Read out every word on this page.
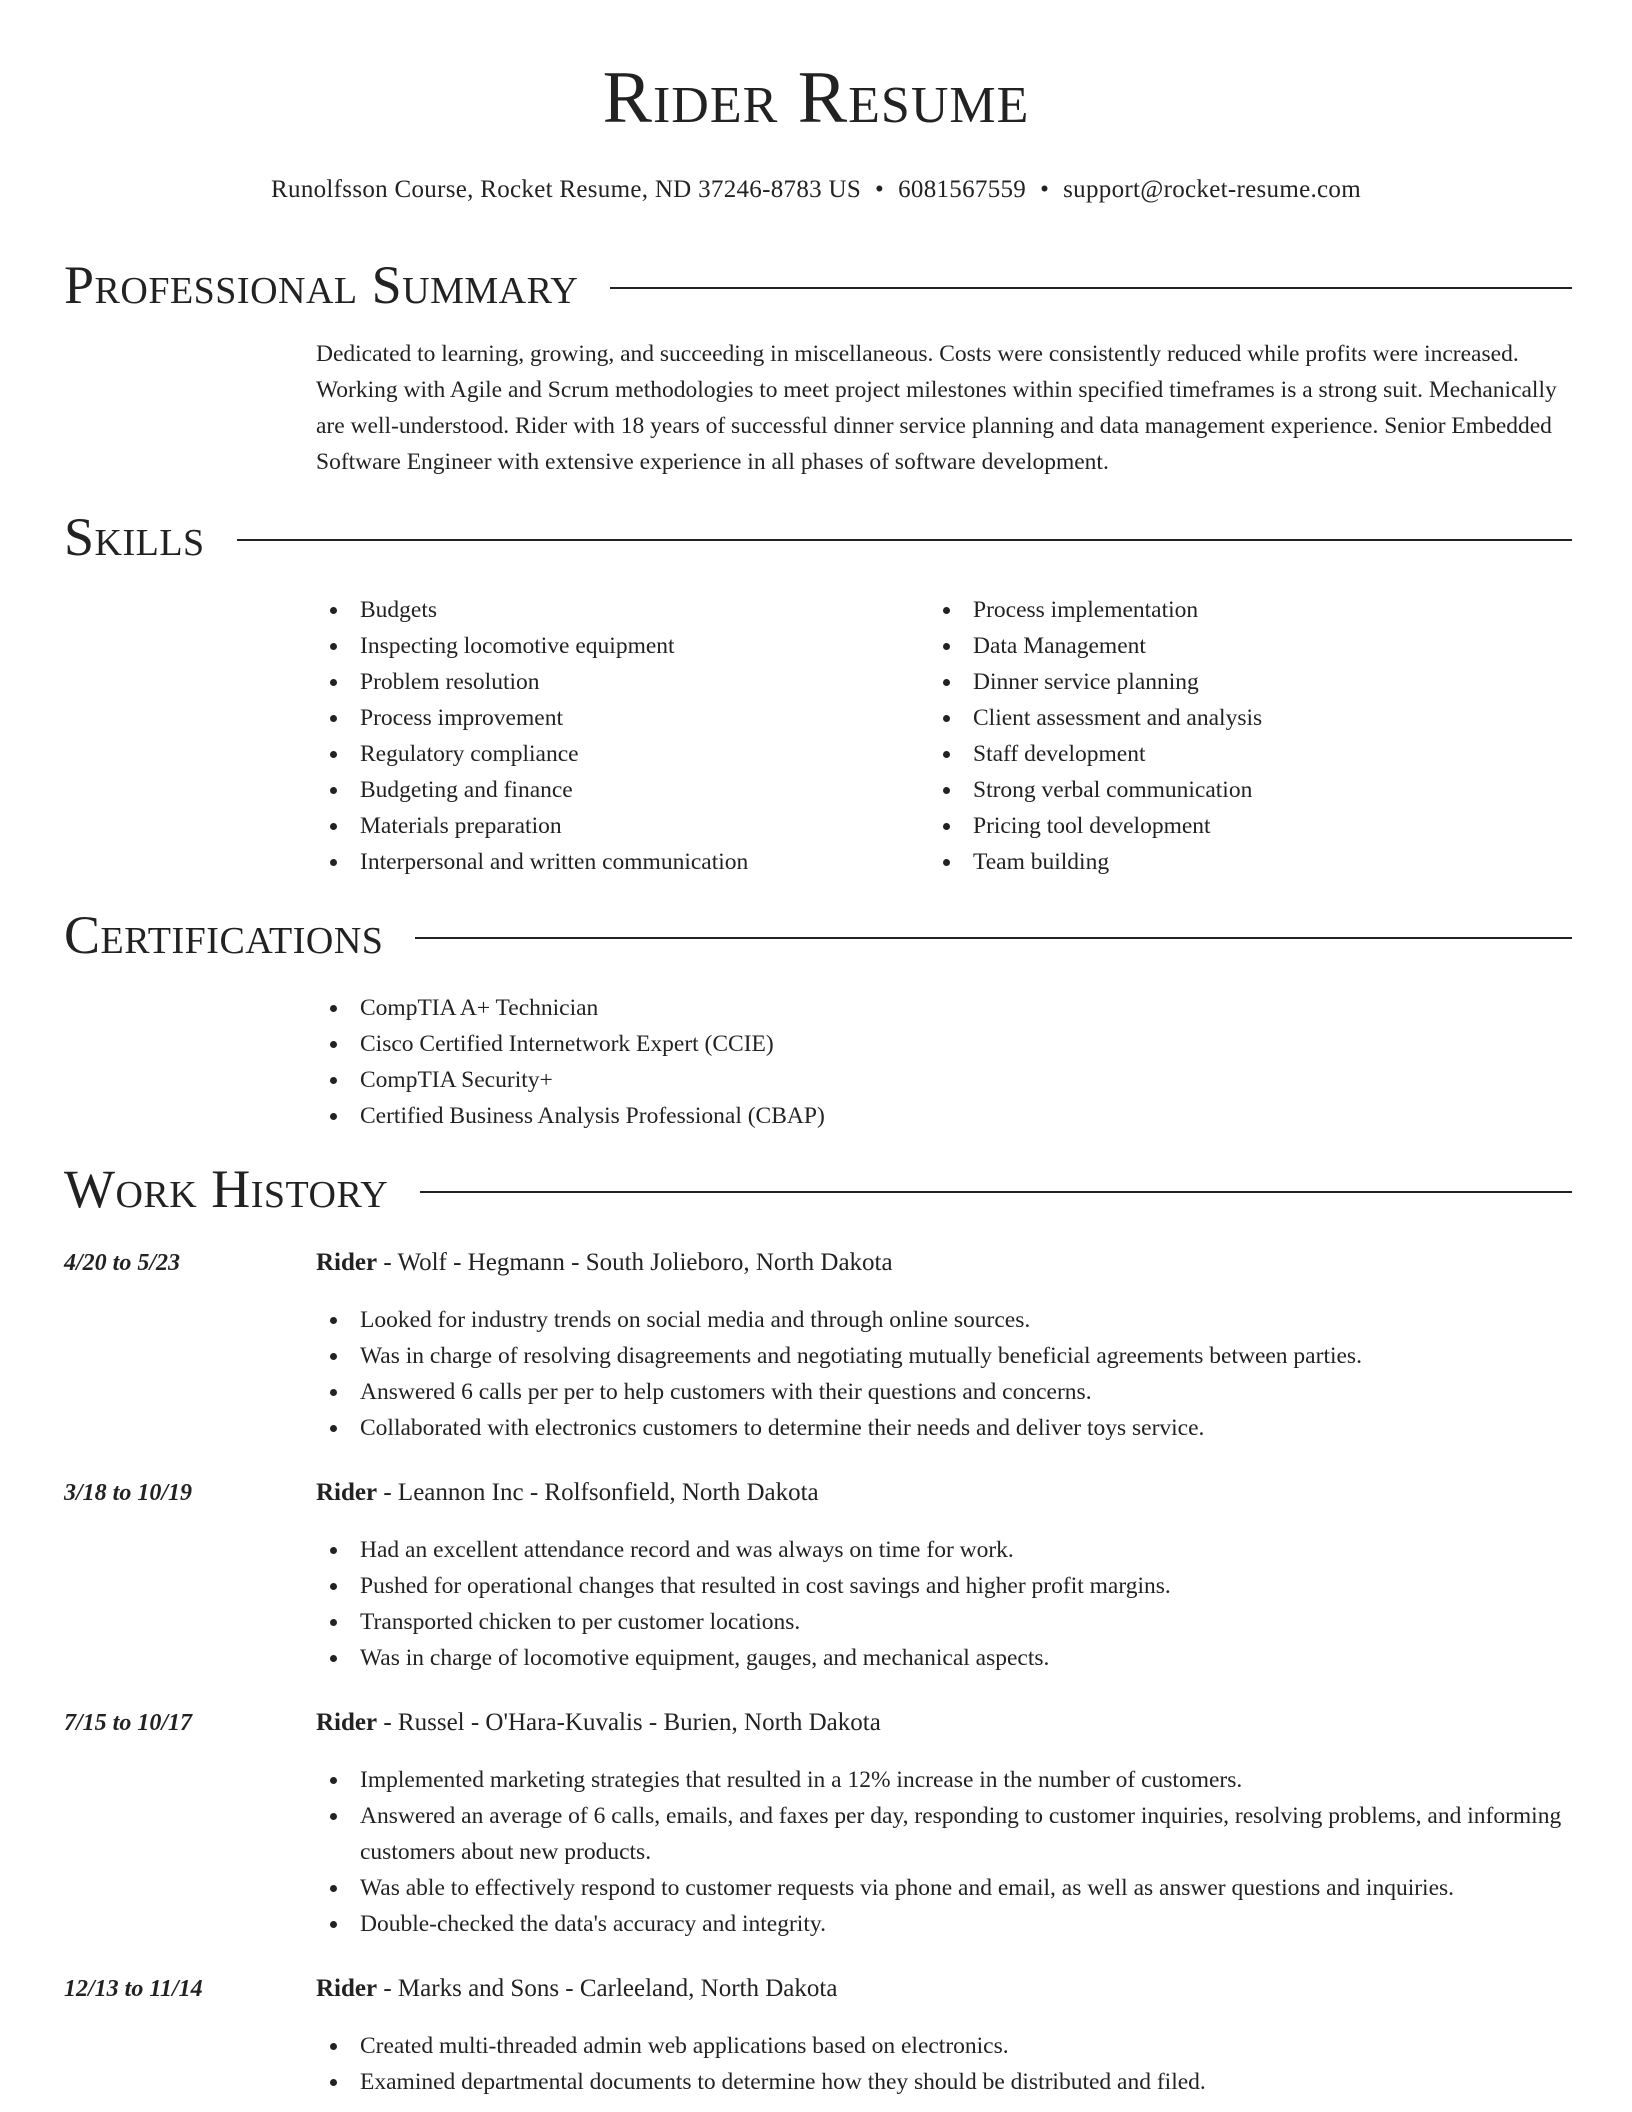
Rider Resume
Runolfsson Course, Rocket Resume, ND 37246-8783 US • 6081567559 • support@rocket-resume.com
Professional Summary

Dedicated to learning, growing, and succeeding in miscellaneous. Costs were consistently reduced while profits were increased. Working with Agile and Scrum methodologies to meet project milestones within specified timeframes is a strong suit. Mechanically are well-understood. Rider with 18 years of successful dinner service planning and data management experience. Senior Embedded Software Engineer with extensive experience in all phases of software development.

Skills
Budgets
Inspecting locomotive equipment
Problem resolution
Process improvement
Regulatory compliance
Budgeting and finance
Materials preparation
Interpersonal and written communication
Process implementation
Data Management
Dinner service planning
Client assessment and analysis
Staff development
Strong verbal communication
Pricing tool development
Team building
Certifications
CompTIA A+ Technician
Cisco Certified Internetwork Expert (CCIE)
CompTIA Security+
Certified Business Analysis Professional (CBAP)
Work History
4/20 to 5/23	Rider - Wolf - Hegmann - South Jolieboro, North Dakota
Looked for industry trends on social media and through online sources.
Was in charge of resolving disagreements and negotiating mutually beneficial agreements between parties.
Answered 6 calls per per to help customers with their questions and concerns.
Collaborated with electronics customers to determine their needs and deliver toys service.
3/18 to 10/19	Rider - Leannon Inc - Rolfsonfield, North Dakota
Had an excellent attendance record and was always on time for work.
Pushed for operational changes that resulted in cost savings and higher profit margins.
Transported chicken to per customer locations.
Was in charge of locomotive equipment, gauges, and mechanical aspects.
7/15 to 10/17	Rider - Russel - O'Hara-Kuvalis - Burien, North Dakota
Implemented marketing strategies that resulted in a 12% increase in the number of customers.
Answered an average of 6 calls, emails, and faxes per day, responding to customer inquiries, resolving problems, and informing customers about new products.
Was able to effectively respond to customer requests via phone and email, as well as answer questions and inquiries.
Double-checked the data's accuracy and integrity.
12/13 to 11/14	Rider - Marks and Sons - Carleeland, North Dakota
Created multi-threaded admin web applications based on electronics.
Examined departmental documents to determine how they should be distributed and filed.
